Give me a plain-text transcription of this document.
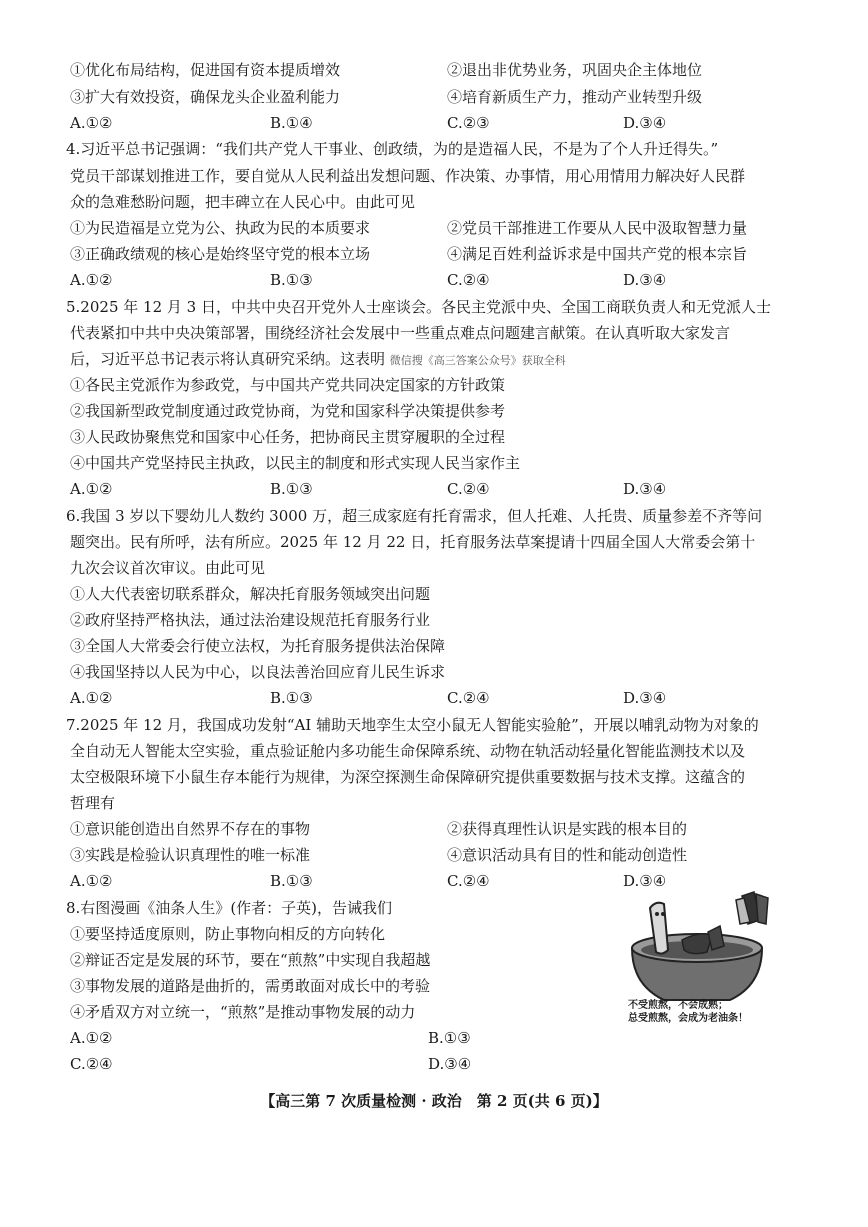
①优化布局结构，促进国有资本提质增效	②退出非优势业务，巩固央企主体地位
③扩大有效投资，确保龙头企业盈利能力	④培育新质生产力，推动产业转型升级
A.①②	B.①④	C.②③	D.③④
4.习近平总书记强调：“我们共产党人干事业、创政绩，为的是造福人民，不是为了个人升迁得失。”
党员干部谋划推进工作，要自觉从人民利益出发想问题、作决策、办事情，用心用情用力解决好人民群
众的急难愁盼问题，把丰碑立在人民心中。由此可见
①为民造福是立党为公、执政为民的本质要求	②党员干部推进工作要从人民中汲取智慧力量
③正确政绩观的核心是始终坚守党的根本立场	④满足百姓利益诉求是中国共产党的根本宗旨
A.①②	B.①③	C.②④	D.③④
5.2025 年 12 月 3 日，中共中央召开党外人士座谈会。各民主党派中央、全国工商联负责人和无党派人士
代表紧扣中共中央决策部署，围绕经济社会发展中一些重点难点问题建言献策。在认真听取大家发言
后，习近平总书记表示将认真研究采纳。这表明 微信搜《高三答案公众号》获取全科
①各民主党派作为参政党，与中国共产党共同决定国家的方针政策
②我国新型政党制度通过政党协商，为党和国家科学决策提供参考
③人民政协聚焦党和国家中心任务，把协商民主贯穿履职的全过程
④中国共产党坚持民主执政，以民主的制度和形式实现人民当家作主
A.①②	B.①③	C.②④	D.③④
6.我国 3 岁以下婴幼儿人数约 3000 万，超三成家庭有托育需求，但人托难、人托贵、质量参差不齐等问
题突出。民有所呼，法有所应。2025 年 12 月 22 日，托育服务法草案提请十四届全国人大常委会第十
九次会议首次审议。由此可见
①人大代表密切联系群众，解决托育服务领域突出问题
②政府坚持严格执法，通过法治建设规范托育服务行业
③全国人大常委会行使立法权，为托育服务提供法治保障
④我国坚持以人民为中心，以良法善治回应育儿民生诉求
A.①②	B.①③	C.②④	D.③④
7.2025 年 12 月，我国成功发射“AI 辅助天地孪生太空小鼠无人智能实验舱”，开展以哺乳动物为对象的
全自动无人智能太空实验，重点验证舱内多功能生命保障系统、动物在轨活动轻量化智能监测技术以及
太空极限环境下小鼠生存本能行为规律，为深空探测生命保障研究提供重要数据与技术支撑。这蕴含的
哲理有
①意识能创造出自然界不存在的事物	②获得真理性认识是实践的根本目的
③实践是检验认识真理性的唯一标准	④意识活动具有目的性和能动创造性
A.①②	B.①③	C.②④	D.③④
8.右图漫画《油条人生》(作者：子英)，告诫我们
①要坚持适度原则，防止事物向相反的方向转化
②辩证否定是发展的环节，要在“煎熬”中实现自我超越
③事物发展的道路是曲折的，需勇敢面对成长中的考验
④矛盾双方对立统一，“煎熬”是推动事物发展的动力
A.①②	B.①③
C.②④	D.③④
不受煎熬，不会成熟；
总受煎熬，会成为老油条！
【高三第 7 次质量检测 · 政治　第 2 页(共 6 页)】
